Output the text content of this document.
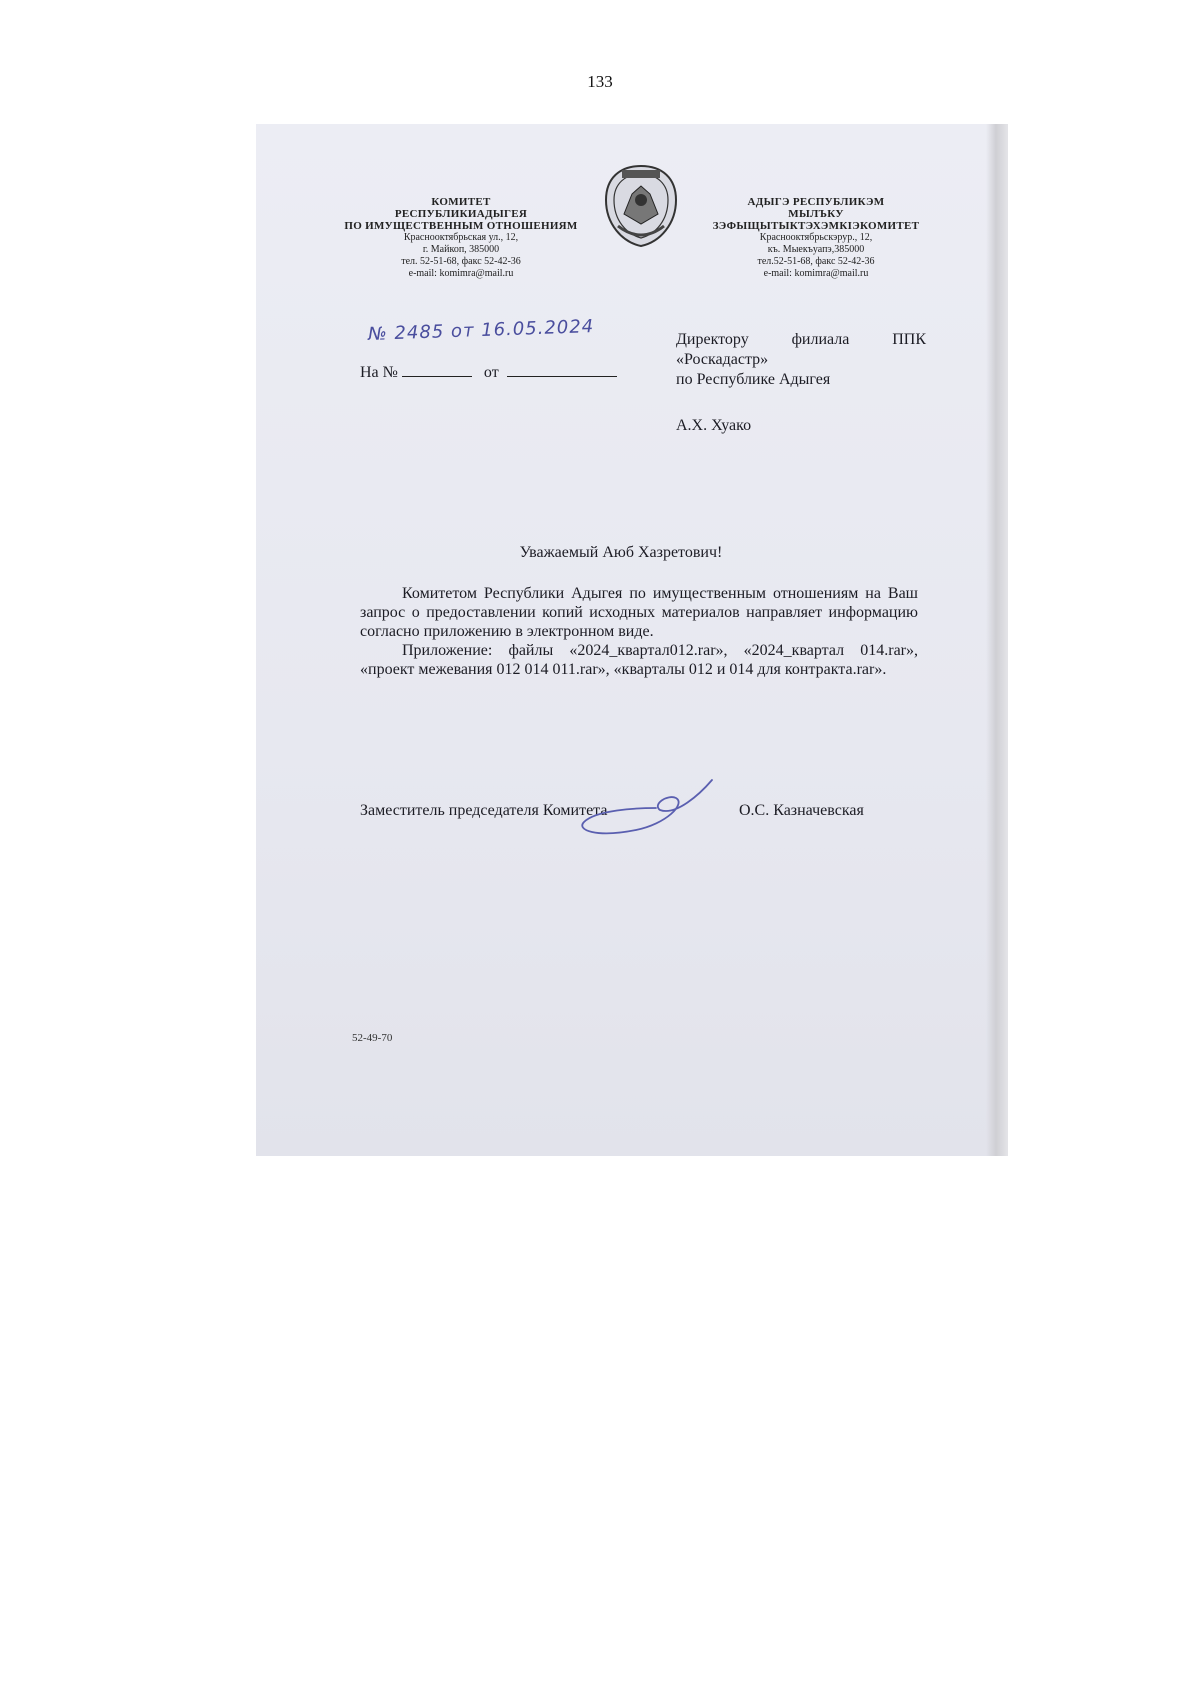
133
КОМИТЕТ
РЕСПУБЛИКИАДЫГЕЯ
ПО ИМУЩЕСТВЕННЫМ ОТНОШЕНИЯМ
Краснооктябрьская ул., 12,
г. Майкоп, 385000
тел. 52-51-68, факс 52-42-36
e-mail: komimra@mail.ru
АДЫГЭ РЕСПУБЛИКЭМ
МЫЛЪКУ
ЗЭФЫЩЫТЫКТЭХЭМКIЭКОМИТЕТ
Краснооктябрьскэрур., 12,
къ. Мыекъуапэ,385000
тел.52-51-68, факс 52-42-36
e-mail: komimra@mail.ru
№ 2485 от 16.05.2024
На №	от
Директору	филиала	ППК
«Роскадастр»
по Республике Адыгея
А.Х. Хуако
Уважаемый Аюб Хазретович!

Комитетом Республики Адыгея по имущественным отношениям на Ваш запрос о предоставлении копий исходных материалов направляет информацию согласно приложению в электронном виде.

Приложение: файлы «2024_квартал012.rar», «2024_квартал 014.rar», «проект межевания 012 014 011.rar», «кварталы 012 и 014 для контракта.rar».

Заместитель председателя Комитета	О.С. Казначевская
52-49-70
